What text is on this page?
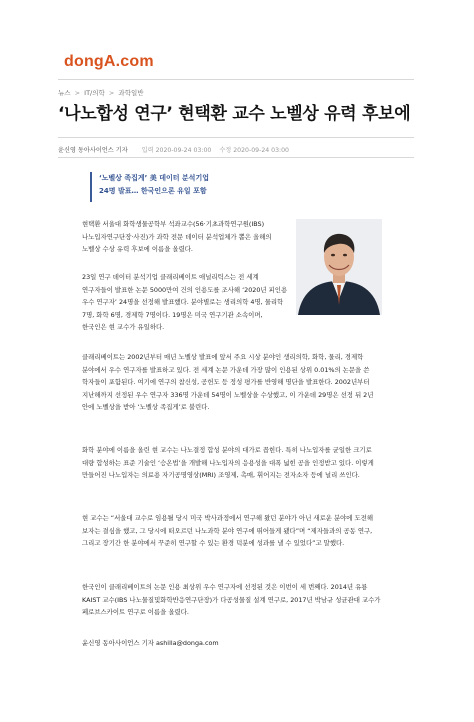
dongA.com
뉴스 > IT/의학 > 과학일반
‘나노합성 연구’ 현택환 교수 노벨상 유력 후보에
윤신영 동아사이언스 기자 입력 2020-09-24 03:00 수정 2020-09-24 03:00
‘노벨상 족집게’ 美 데이터 분석기업
24명 발표… 한국인으론 유일 포함
현택환 서울대 화학생물공학부 석좌교수(56·기초과학연구원(IBS) 나노입자연구단장·사진)가 과학 전문 데이터 분석업체가 뽑은 올해의 노벨상 수상 유력 후보에 이름을 올렸다.
23일 연구 데이터 분석기업 클래리베이트 애널리틱스는 전 세계 연구자들이 발표한 논문 5000만여 건의 인용도를 조사해 ‘2020년 피인용 우수 연구자’ 24명을 선정해 발표했다. 분야별로는 생리의학 4명, 물리학 7명, 화학 6명, 경제학 7명이다. 19명은 미국 연구기관 소속이며, 한국인은 현 교수가 유일하다.
클래리베이트는 2002년부터 매년 노벨상 발표에 앞서 주요 시상 분야인 생리의학, 화학, 물리, 경제학 분야에서 우수 연구자를 발표하고 있다. 전 세계 논문 가운데 가장 많이 인용된 상위 0.01%의 논문을 쓴 학자들이 포함된다. 여기에 연구의 참신성, 공헌도 등 정성 평가를 반영해 명단을 발표한다. 2002년부터 지난해까지 선정된 우수 연구자 336명 가운데 54명이 노벨상을 수상했고, 이 가운데 29명은 선정 뒤 2년 안에 노벨상을 받아 ‘노벨상 족집게’로 불린다.
화학 분야에 이름을 올린 현 교수는 나노결정 합성 분야의 대가로 꼽힌다. 특히 나노입자를 균일한 크기로 대량 합성하는 표준 기술인 ‘승온법’을 개발해 나노입자의 응용성을 대폭 넓힌 공을 인정받고 있다. 이렇게 만들어진 나노입자는 의료용 자기공명영상(MRI) 조영제, 촉매, 휘어지는 전자소자 등에 널리 쓰인다.
현 교수는 “서울대 교수로 임용될 당시 미국 박사과정에서 연구해 왔던 분야가 아닌 새로운 분야에 도전해 보자는 결심을 했고, 그 당시에 떠오르던 나노과학 분야 연구에 뛰어들게 됐다”며 “제자들과의 공동 연구, 그리고 장기간 한 분야에서 꾸준히 연구할 수 있는 환경 덕분에 성과를 낼 수 있었다”고 말했다.
한국인이 클래리베이트의 논문 인용 최상위 우수 연구자에 선정된 것은 이번이 세 번째다. 2014년 유룡 KAIST 교수(IBS 나노물질및화학반응연구단장)가 다공성물질 설계 연구로, 2017년 박남규 성균관대 교수가 페로브스카이트 연구로 이름을 올렸다.
윤신영 동아사이언스 기자 ashilla@donga.com
